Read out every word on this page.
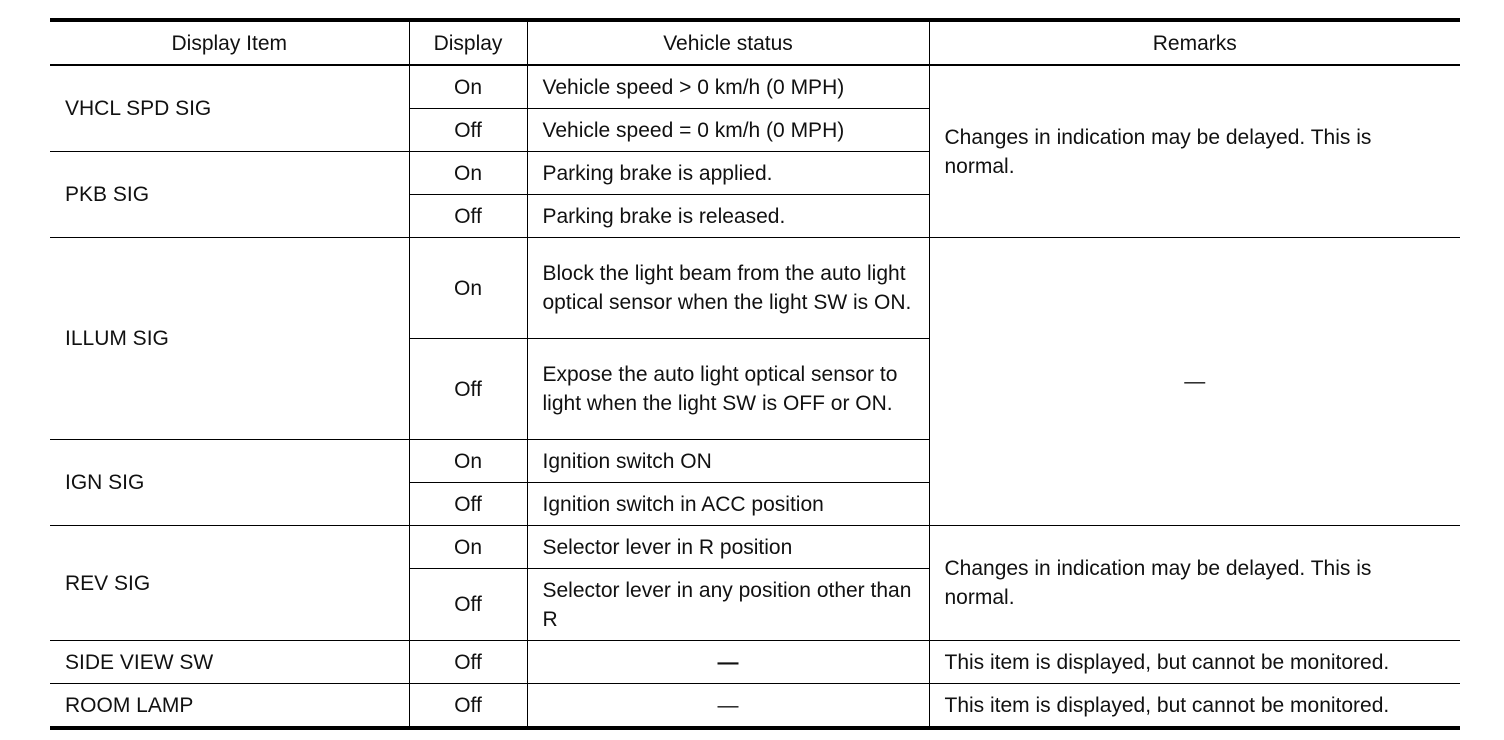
Display Item	Display	Vehicle status	Remarks
VHCL SPD SIG	On	Vehicle speed > 0 km/h (0 MPH)	Changes in indication may be delayed. This is normal.
	Off	Vehicle speed = 0 km/h (0 MPH)	
PKB SIG	On	Parking brake is applied.	
	Off	Parking brake is released.	
ILLUM SIG	On	Block the light beam from the auto light optical sensor when the light SW is ON.	—
	Off	Expose the auto light optical sensor to light when the light SW is OFF or ON.	
IGN SIG	On	Ignition switch ON	
	Off	Ignition switch in ACC position	
REV SIG	On	Selector lever in R position	Changes in indication may be delayed. This is normal.
	Off	Selector lever in any position other than R	
SIDE VIEW SW	Off	—	This item is displayed, but cannot be monitored.
ROOM LAMP	Off	—	This item is displayed, but cannot be monitored.
